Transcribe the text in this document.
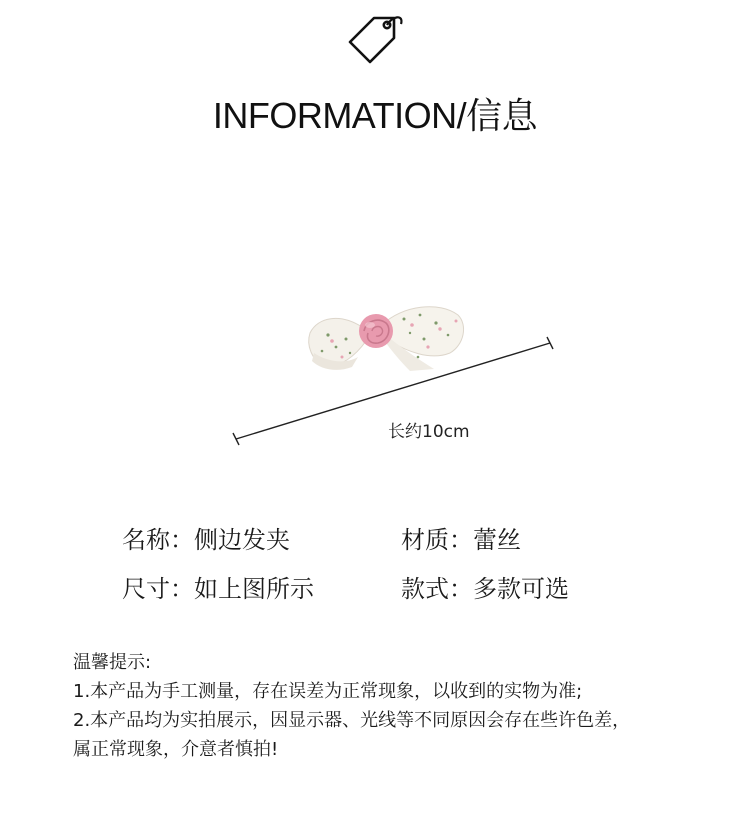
INFORMATION/信息
长约10cm
名称：侧边发夹	材质：蕾丝
尺寸：如上图所示	款式：多款可选
温馨提示:
1.本产品为手工测量，存在误差为正常现象，以收到的实物为准;
2.本产品均为实拍展示，因显示器、光线等不同原因会存在些许色差，
属正常现象，介意者慎拍!
